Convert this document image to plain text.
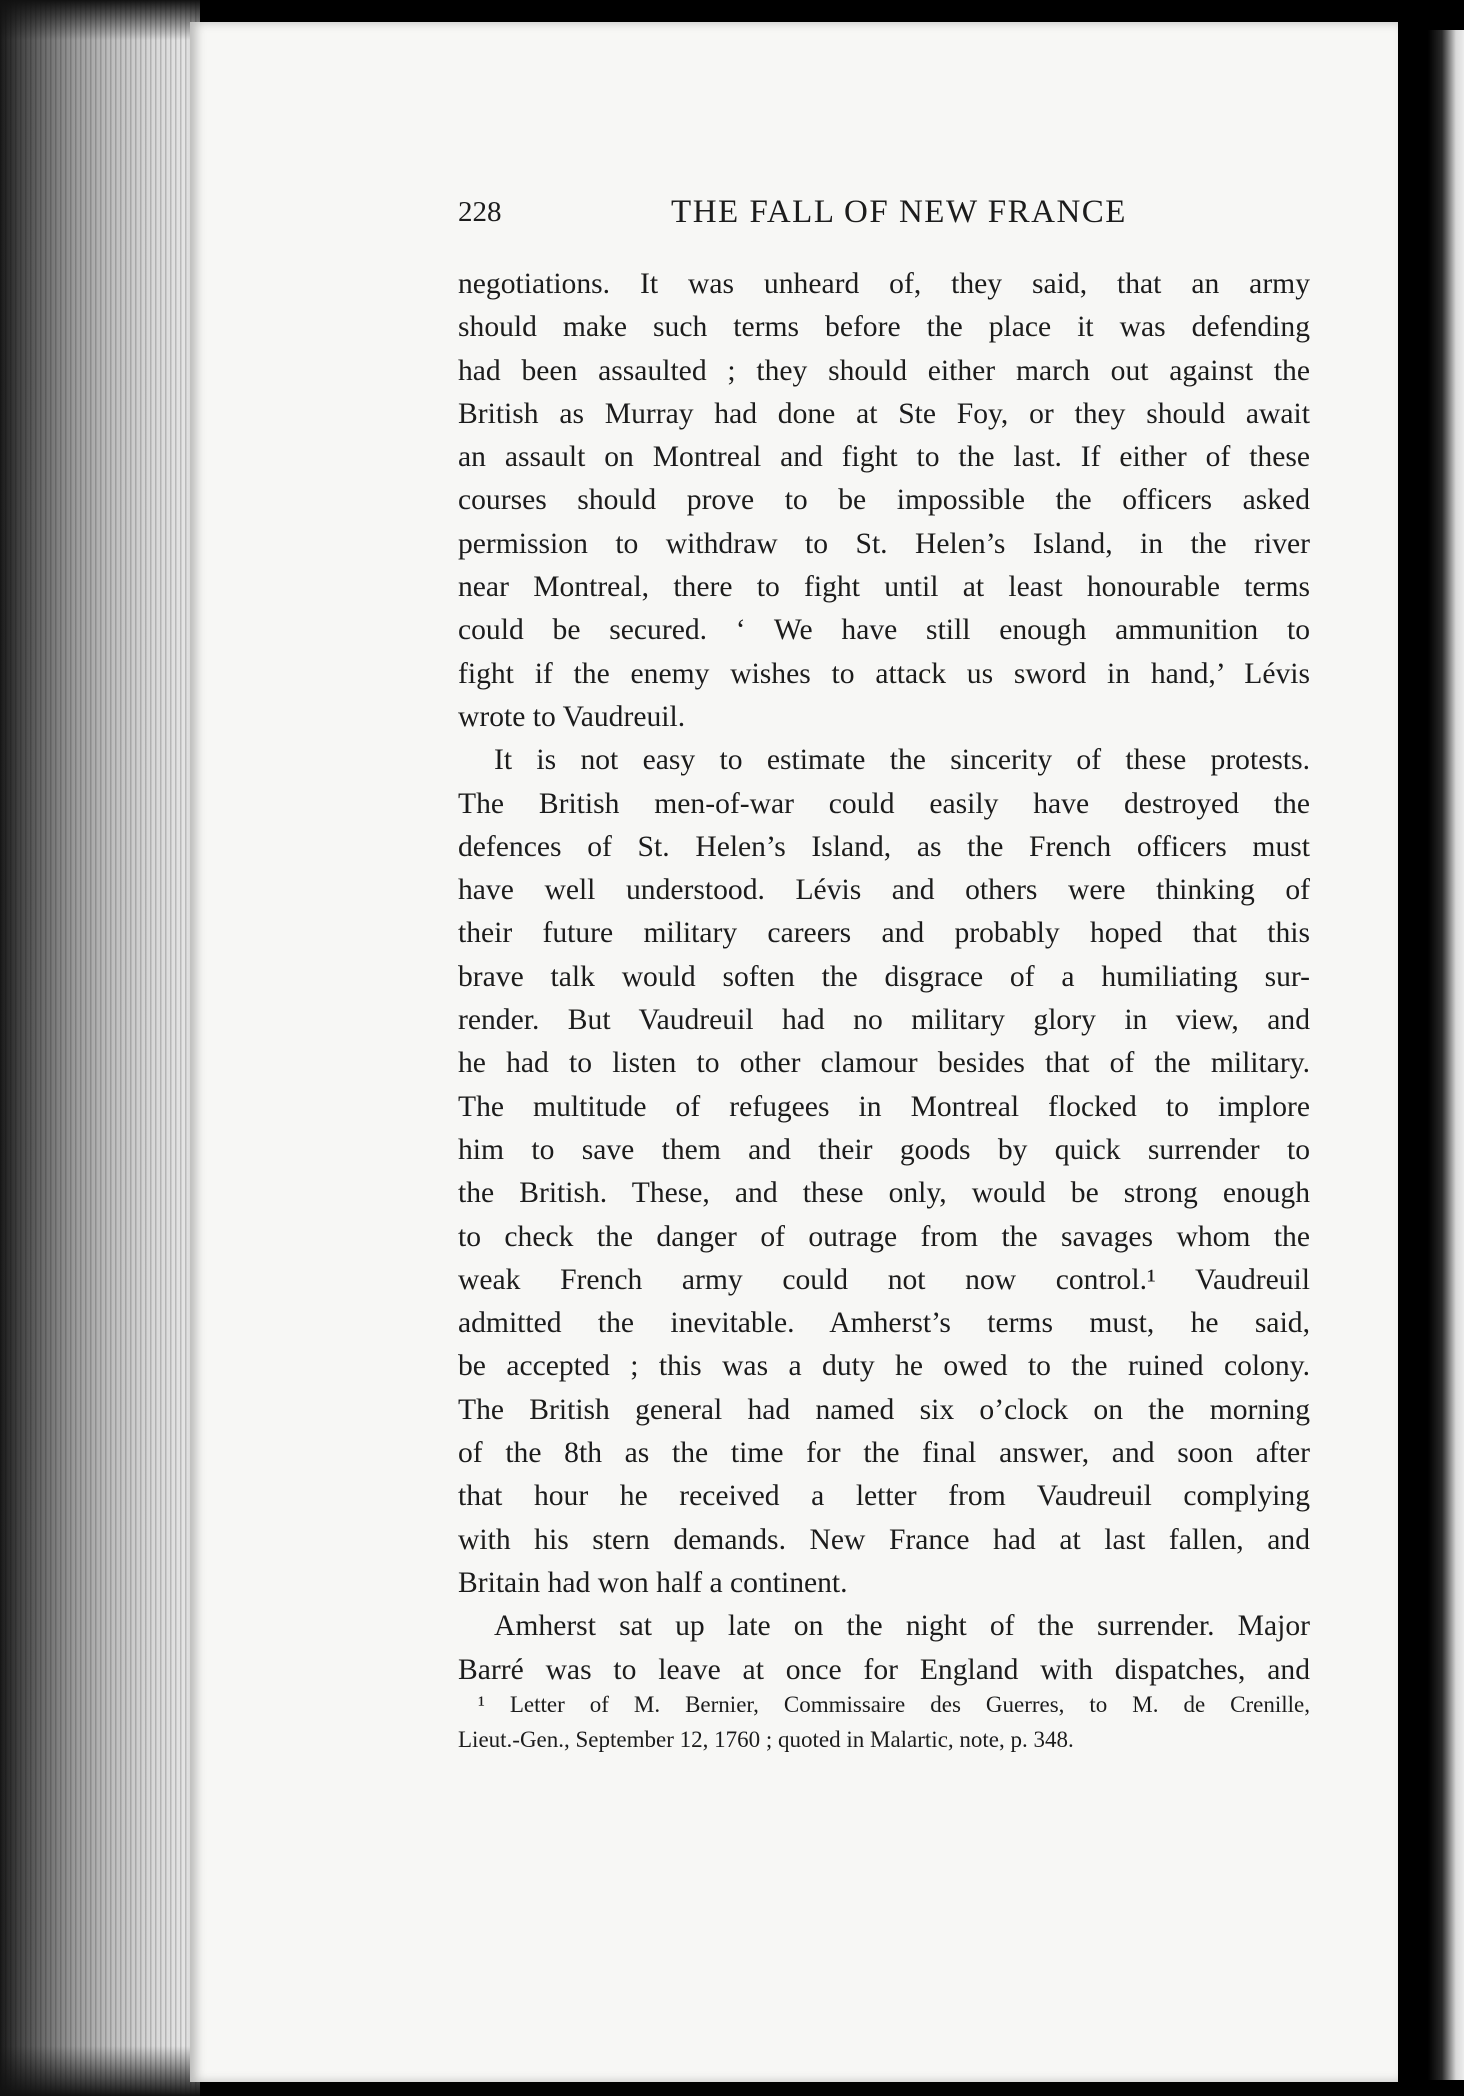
228	THE FALL OF NEW FRANCE
negotiations. It was unheard of, they said, that an army
should make such terms before the place it was defending
had been assaulted ; they should either march out against the
British as Murray had done at Ste Foy, or they should await
an assault on Montreal and fight to the last. If either of these
courses should prove to be impossible the officers asked
permission to withdraw to St. Helen’s Island, in the river
near Montreal, there to fight until at least honourable terms
could be secured. ‘ We have still enough ammunition to
fight if the enemy wishes to attack us sword in hand,’ Lévis
wrote to Vaudreuil.
It is not easy to estimate the sincerity of these protests.
The British men-of-war could easily have destroyed the
defences of St. Helen’s Island, as the French officers must
have well understood. Lévis and others were thinking of
their future military careers and probably hoped that this
brave talk would soften the disgrace of a humiliating sur-
render. But Vaudreuil had no military glory in view, and
he had to listen to other clamour besides that of the military.
The multitude of refugees in Montreal flocked to implore
him to save them and their goods by quick surrender to
the British. These, and these only, would be strong enough
to check the danger of outrage from the savages whom the
weak French army could not now control.¹ Vaudreuil
admitted the inevitable. Amherst’s terms must, he said,
be accepted ; this was a duty he owed to the ruined colony.
The British general had named six o’clock on the morning
of the 8th as the time for the final answer, and soon after
that hour he received a letter from Vaudreuil complying
with his stern demands. New France had at last fallen, and
Britain had won half a continent.
Amherst sat up late on the night of the surrender. Major
Barré was to leave at once for England with dispatches, and
¹ Letter of M. Bernier, Commissaire des Guerres, to M. de Crenille,
Lieut.-Gen., September 12, 1760 ; quoted in Malartic, note, p. 348.
